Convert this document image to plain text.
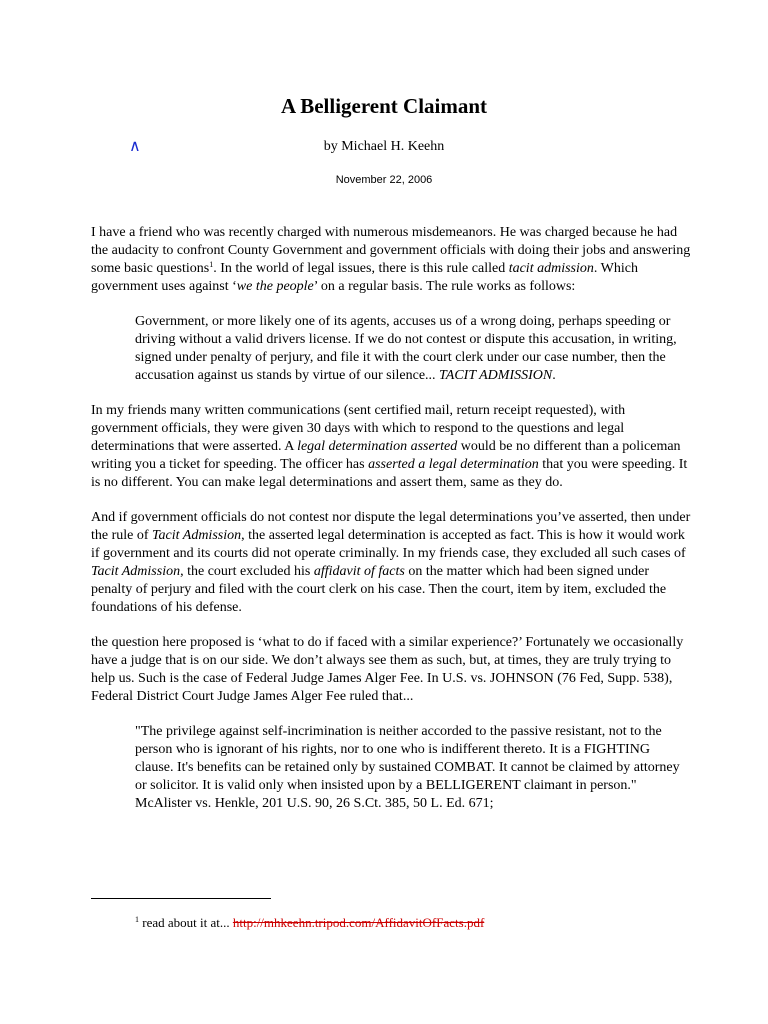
A Belligerent Claimant
∧	by Michael H. Keehn
November 22, 2006

I have a friend who was recently charged with numerous misdemeanors. He was charged because he had the audacity to confront County Government and government officials with doing their jobs and answering some basic questions$^1$. In the world of legal issues, there is this rule called tacit admission. Which government uses against ‘we the people’ on a regular basis. The rule works as follows:

Government, or more likely one of its agents, accuses us of a wrong doing, perhaps speeding or driving without a valid drivers license. If we do not contest or dispute this accusation, in writing, signed under penalty of perjury, and file it with the court clerk under our case number, then the accusation against us stands by virtue of our silence... TACIT ADMISSION.

In my friends many written communications (sent certified mail, return receipt requested), with government officials, they were given 30 days with which to respond to the questions and legal determinations that were asserted. A legal determination asserted would be no different than a policeman writing you a ticket for speeding. The officer has asserted a legal determination that you were speeding. It is no different. You can make legal determinations and assert them, same as they do.

And if government officials do not contest nor dispute the legal determinations you’ve asserted, then under the rule of Tacit Admission, the asserted legal determination is accepted as fact. This is how it would work if government and its courts did not operate criminally. In my friends case, they excluded all such cases of Tacit Admission, the court excluded his affidavit of facts on the matter which had been signed under penalty of perjury and filed with the court clerk on his case. Then the court, item by item, excluded the foundations of his defense.

the question here proposed is ‘what to do if faced with a similar experience?’ Fortunately we occasionally have a judge that is on our side. We don’t always see them as such, but, at times, they are truly trying to help us. Such is the case of Federal Judge James Alger Fee. In U.S. vs. JOHNSON (76 Fed, Supp. 538), Federal District Court Judge James Alger Fee ruled that...

"The privilege against self-incrimination is neither accorded to the passive resistant, not to the person who is ignorant of his rights, nor to one who is indifferent thereto. It is a FIGHTING clause. It's benefits can be retained only by sustained COMBAT. It cannot be claimed by attorney or solicitor. It is valid only when insisted upon by a BELLIGERENT claimant in person." McAlister vs. Henkle, 201 U.S. 90, 26 S.Ct. 385, 50 L. Ed. 671;

$^1$ read about it at... http://mhkeehn.tripod.com/AffidavitOfFacts.pdf
